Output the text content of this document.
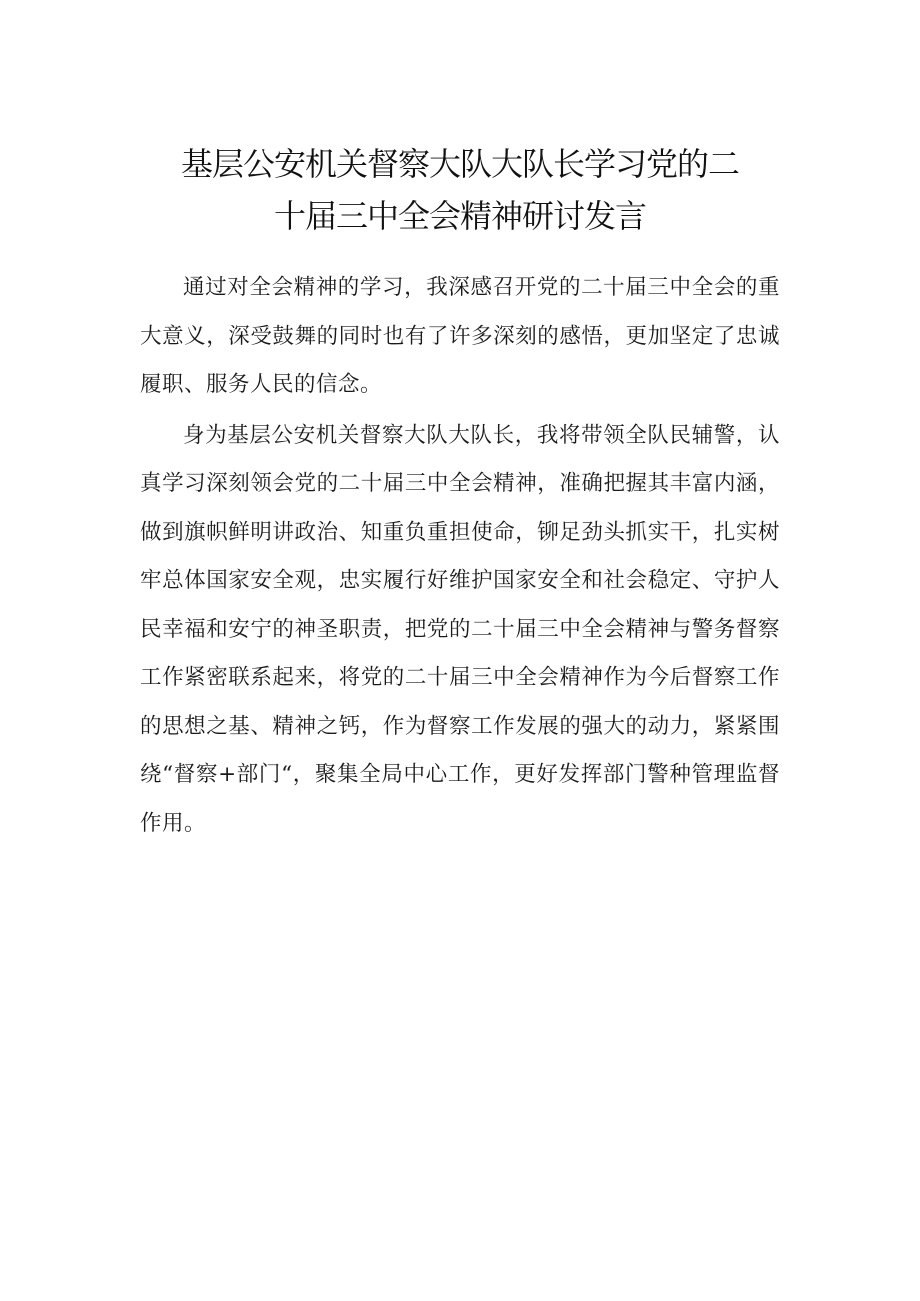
基层公安机关督察大队大队长学习党的二
十届三中全会精神研讨发言

通过对全会精神的学习，我深感召开党的二十届三中全会的重大意义，深受鼓舞的同时也有了许多深刻的感悟，更加坚定了忠诚履职、服务人民的信念。

身为基层公安机关督察大队大队长，我将带领全队民辅警，认真学习深刻领会党的二十届三中全会精神，准确把握其丰富内涵，做到旗帜鲜明讲政治、知重负重担使命，铆足劲头抓实干，扎实树牢总体国家安全观，忠实履行好维护国家安全和社会稳定、守护人民幸福和安宁的神圣职责，把党的二十届三中全会精神与警务督察工作紧密联系起来，将党的二十届三中全会精神作为今后督察工作的思想之基、精神之钙，作为督察工作发展的强大的动力，紧紧围绕“督察+部门“，聚集全局中心工作，更好发挥部门警种管理监督作用。
